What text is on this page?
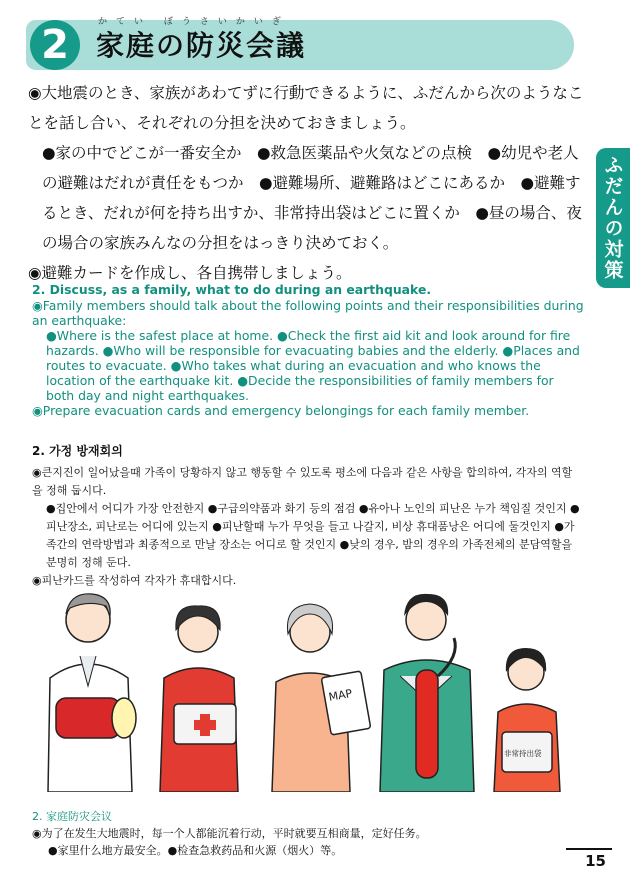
2	かてい ぼうさいかいぎ
家庭の防災会議
ふだんの対策

◉大地震のとき、家族があわてずに行動できるように、ふだんから次のようなことを話し合い、それぞれの分担を決めておきましょう。

●家の中でどこが一番安全か　●救急医薬品や火気などの点検　●幼児や老人の避難はだれが責任をもつか　●避難場所、避難路はどこにあるか　●避難するとき、だれが何を持ち出すか、非常持出袋はどこに置くか　●昼の場合、夜の場合の家族みんなの分担をはっきり決めておく。

◉避難カードを作成し、各自携帯しましょう。

2. Discuss, as a family, what to do during an earthquake.

◉Family members should talk about the following points and their responsibilities during an earthquake:

●Where is the safest place at home. ●Check the first aid kit and look around for fire hazards. ●Who will be responsible for evacuating babies and the elderly. ●Places and routes to evacuate. ●Who takes what during an evacuation and who knows the location of the earthquake kit. ●Decide the responsibilities of family members for both day and night earthquakes.

◉Prepare evacuation cards and emergency belongings for each family member.

2. 가정 방재회의

◉큰지진이 일어났을때 가족이 당황하지 않고 행동할 수 있도록 평소에 다음과 같은 사항을 합의하여, 각자의 역할을 정해 둡시다.

●집안에서 어디가 가장 안전한지 ●구급의약품과 화기 등의 점검 ●유아나 노인의 피난은 누가 책임질 것인지 ●피난장소, 피난로는 어디에 있는지 ●피난할때 누가 무엇을 들고 나갈지, 비상 휴대품낭은 어디에 둘것인지 ●가족간의 연락방법과 최종적으로 만날 장소는 어디로 할 것인지 ●낮의 경우, 밤의 경우의 가족전체의 분담역할을 분명히 정해 둔다.

◉피난카드를 작성하여 각자가 휴대합시다.

MAP
非常持出袋

2. 家庭防灾会议

◉为了在发生大地震时，每一个人都能沉着行动，平时就要互相商量，定好任务。

●家里什么地方最安全。●检查急救药品和火源（烟火）等。

15
